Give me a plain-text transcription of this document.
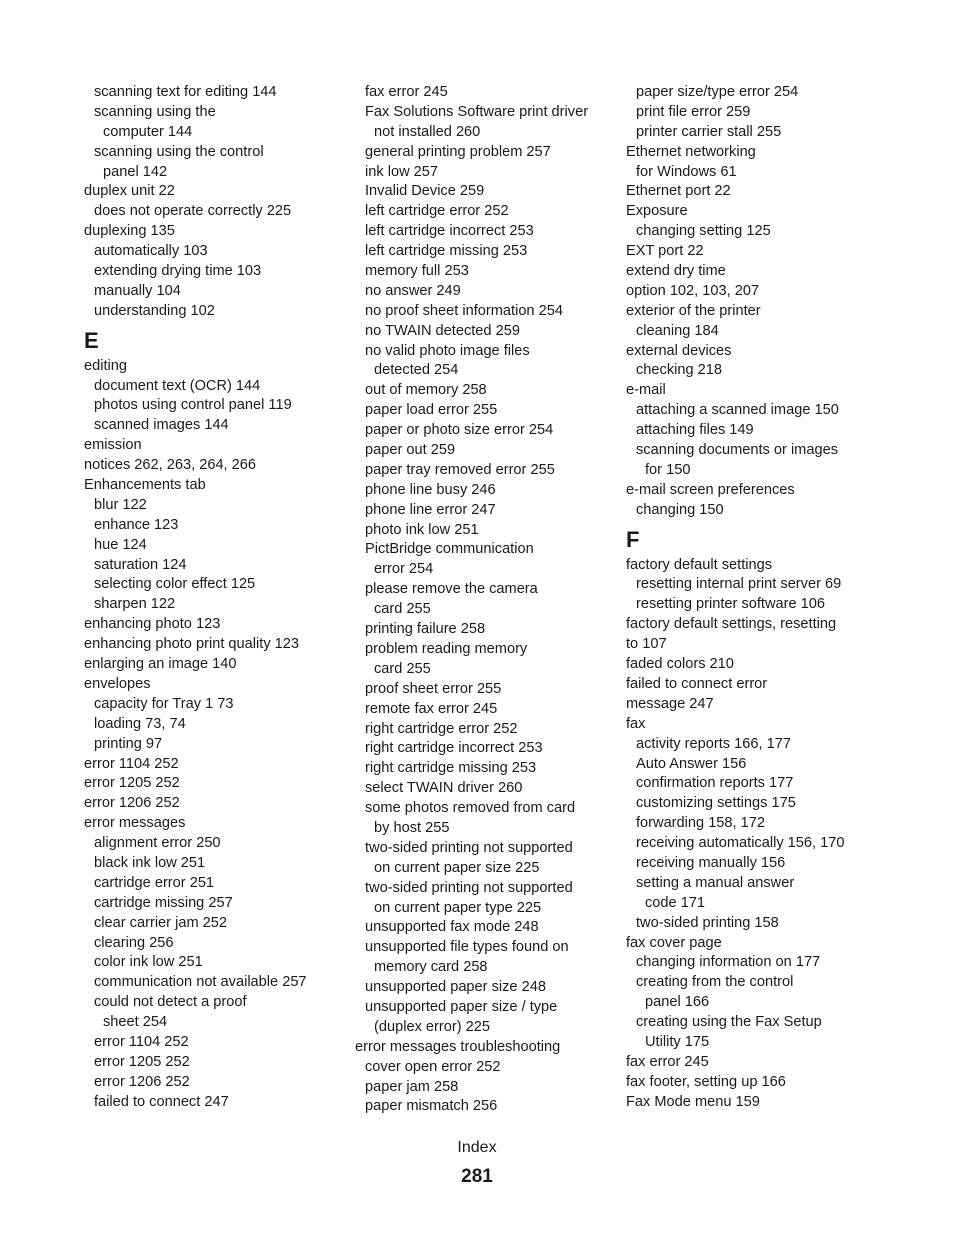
scanning text for editing 144
scanning using the
computer 144
scanning using the control
panel 142
duplex unit 22
does not operate correctly 225
duplexing 135
automatically 103
extending drying time 103
manually 104
understanding 102
E
editing
document text (OCR) 144
photos using control panel 119
scanned images 144
emission
notices 262, 263, 264, 266
Enhancements tab
blur 122
enhance 123
hue 124
saturation 124
selecting color effect 125
sharpen 122
enhancing photo 123
enhancing photo print quality 123
enlarging an image 140
envelopes
capacity for Tray 1 73
loading 73, 74
printing 97
error 1104 252
error 1205 252
error 1206 252
error messages
alignment error 250
black ink low 251
cartridge error 251
cartridge missing 257
clear carrier jam 252
clearing 256
color ink low 251
communication not available 257
could not detect a proof
sheet 254
error 1104 252
error 1205 252
error 1206 252
failed to connect 247
fax error 245
Fax Solutions Software print driver
not installed 260
general printing problem 257
ink low 257
Invalid Device 259
left cartridge error 252
left cartridge incorrect 253
left cartridge missing 253
memory full 253
no answer 249
no proof sheet information 254
no TWAIN detected 259
no valid photo image files
detected 254
out of memory 258
paper load error 255
paper or photo size error 254
paper out 259
paper tray removed error 255
phone line busy 246
phone line error 247
photo ink low 251
PictBridge communication
error 254
please remove the camera
card 255
printing failure 258
problem reading memory
card 255
proof sheet error 255
remote fax error 245
right cartridge error 252
right cartridge incorrect 253
right cartridge missing 253
select TWAIN driver 260
some photos removed from card
by host 255
two-sided printing not supported
on current paper size 225
two-sided printing not supported
on current paper type 225
unsupported fax mode 248
unsupported file types found on
memory card 258
unsupported paper size 248
unsupported paper size / type
(duplex error) 225
error messages troubleshooting
cover open error 252
paper jam 258
paper mismatch 256
paper size/type error 254
print file error 259
printer carrier stall 255
Ethernet networking
for Windows 61
Ethernet port 22
Exposure
changing setting 125
EXT port 22
extend dry time
option 102, 103, 207
exterior of the printer
cleaning 184
external devices
checking 218
e-mail
attaching a scanned image 150
attaching files 149
scanning documents or images
for 150
e-mail screen preferences
changing 150
F
factory default settings
resetting internal print server 69
resetting printer software 106
factory default settings, resetting
to 107
faded colors 210
failed to connect error
message 247
fax
activity reports 166, 177
Auto Answer 156
confirmation reports 177
customizing settings 175
forwarding 158, 172
receiving automatically 156, 170
receiving manually 156
setting a manual answer
code 171
two-sided printing 158
fax cover page
changing information on 177
creating from the control
panel 166
creating using the Fax Setup
Utility 175
fax error 245
fax footer, setting up 166
Fax Mode menu 159
Index
281
